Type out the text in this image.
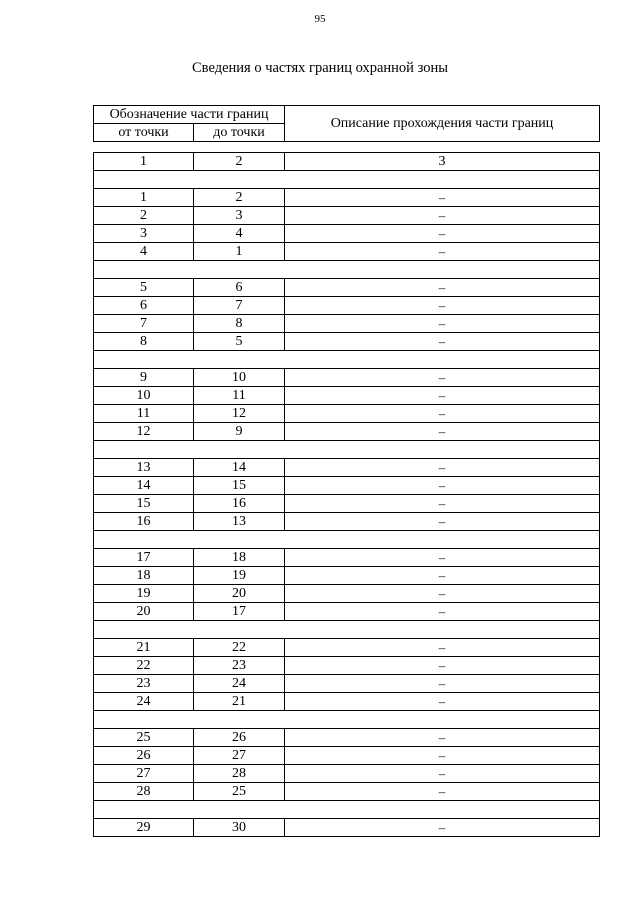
95
Сведения о частях границ охранной зоны
Обозначение части границ		Описание прохождения части границ
от точки	до точки	

1	2	3

1	2	–
2	3	–
3	4	–
4	1	–

5	6	–
6	7	–
7	8	–
8	5	–

9	10	–
10	11	–
11	12	–
12	9	–

13	14	–
14	15	–
15	16	–
16	13	–

17	18	–
18	19	–
19	20	–
20	17	–

21	22	–
22	23	–
23	24	–
24	21	–

25	26	–
26	27	–
27	28	–
28	25	–

29	30	–
